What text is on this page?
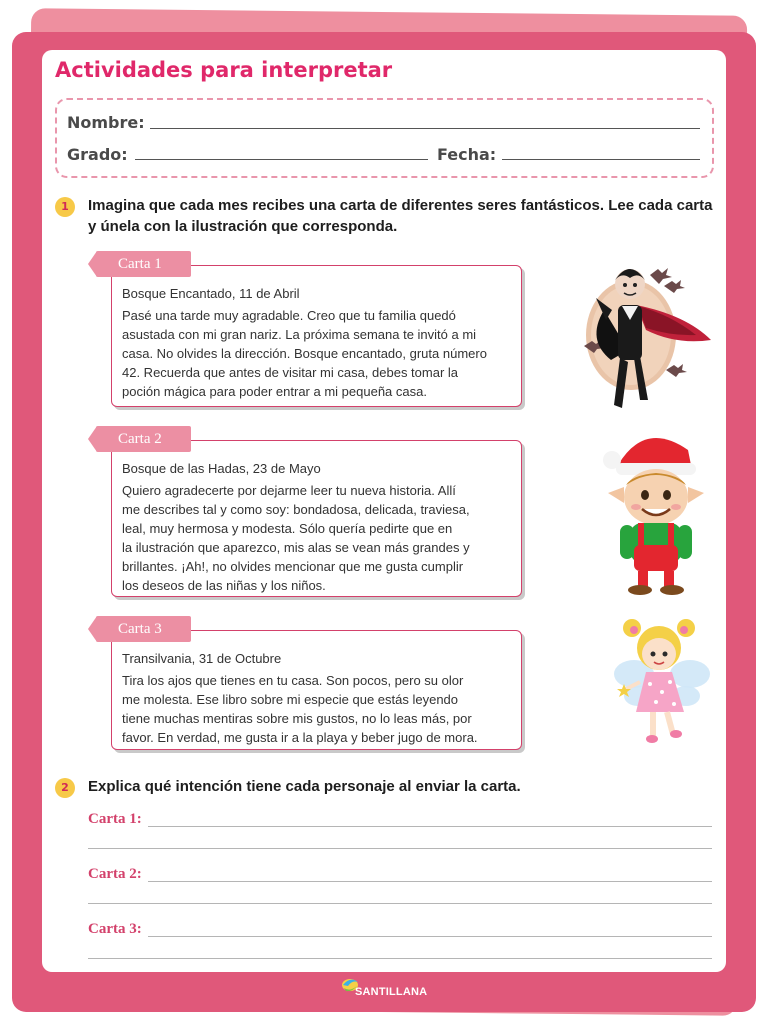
Actividades para interpretar
Nombre:
Grado:	Fecha:
1	Imagina que cada mes recibes una carta de diferentes seres fantásticos. Lee cada carta
y únela con la ilustración que corresponda.

Bosque Encantado, 11 de Abril

Pasé una tarde muy agradable. Creo que tu familia quedó

asustada con mi gran nariz. La próxima semana te invitó a mi

casa. No olvides la dirección. Bosque encantado, gruta número

42. Recuerda que antes de visitar mi casa, debes tomar la

poción mágica para poder entrar a mi pequeña casa.

Carta 1

Bosque de las Hadas, 23 de Mayo

Quiero agradecerte por dejarme leer tu nueva historia. Allí

me describes tal y como soy: bondadosa, delicada, traviesa,

leal, muy hermosa y modesta. Sólo quería pedirte que en

la ilustración que aparezco, mis alas se vean más grandes y

brillantes. ¡Ah!, no olvides mencionar que me gusta cumplir

los deseos de las niñas y los niños.

Carta 2

Transilvania, 31 de Octubre

Tira los ajos que tienes en tu casa. Son pocos, pero su olor

me molesta. Ese libro sobre mi especie que estás leyendo

tiene muchas mentiras sobre mis gustos, no lo leas más, por

favor. En verdad, me gusta ir a la playa y beber jugo de mora.

Carta 3
2	Explica qué intención tiene cada personaje al enviar la carta.
Carta 1:
Carta 2:
Carta 3:
SANTILLANA
